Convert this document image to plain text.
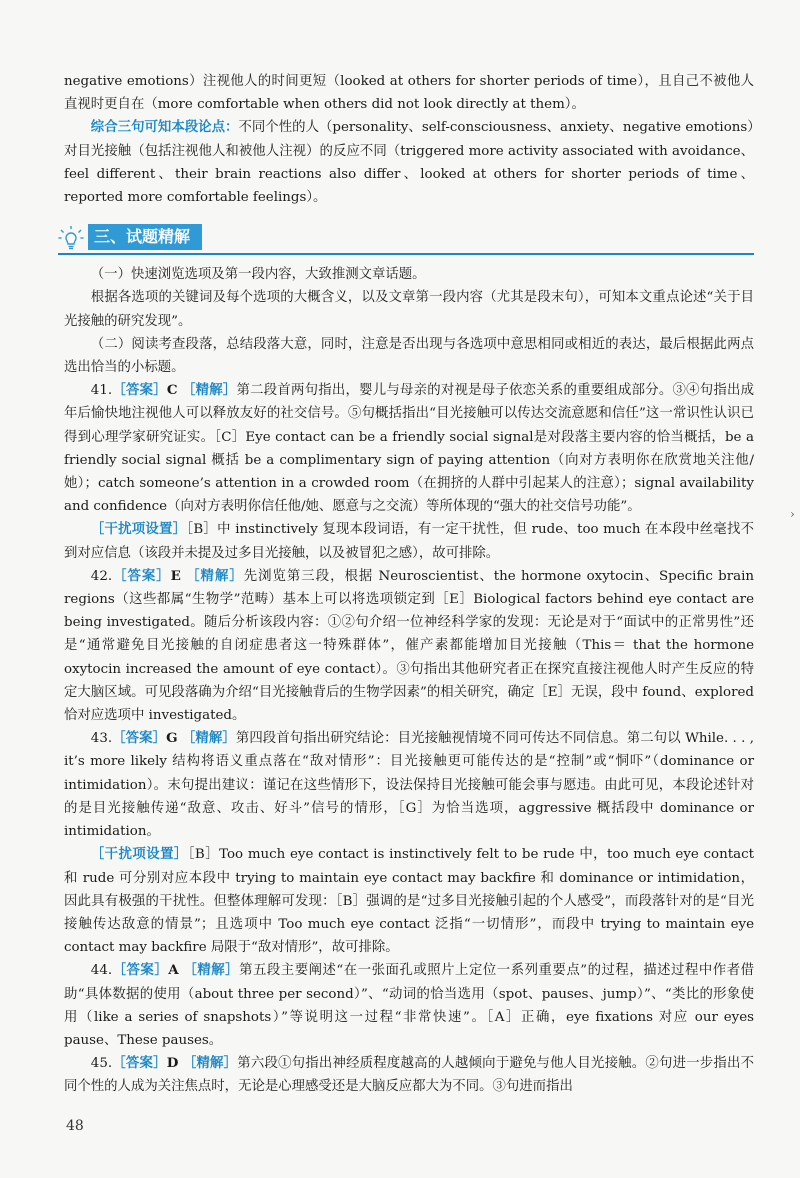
negative emotions）注视他人的时间更短（looked at others for shorter periods of time），且自己不被他人直视时更自在（more comfortable when others did not look directly at them）。

综合三句可知本段论点：不同个性的人（personality、self-consciousness、anxiety、negative emotions）对目光接触（包括注视他人和被他人注视）的反应不同（triggered more activity associated with avoidance、feel different、their brain reactions also differ、looked at others for shorter periods of time、reported more comfortable feelings）。

三、试题精解

（一）快速浏览选项及第一段内容，大致推测文章话题。

根据各选项的关键词及每个选项的大概含义，以及文章第一段内容（尤其是段末句），可知本文重点论述“关于目光接触的研究发现”。

（二）阅读考查段落，总结段落大意，同时，注意是否出现与各选项中意思相同或相近的表达，最后根据此两点选出恰当的小标题。

41.［答案］C ［精解］第二段首两句指出，婴儿与母亲的对视是母子依恋关系的重要组成部分。③④句指出成年后愉快地注视他人可以释放友好的社交信号。⑤句概括指出“目光接触可以传达交流意愿和信任”这一常识性认识已得到心理学家研究证实。［C］Eye contact can be a friendly social signal是对段落主要内容的恰当概括，be a friendly social signal 概括 be a complimentary sign of paying attention（向对方表明你在欣赏地关注他/她）；catch someone’s attention in a crowded room（在拥挤的人群中引起某人的注意）；signal availability and confidence（向对方表明你信任他/她、愿意与之交流）等所体现的“强大的社交信号功能”。

［干扰项设置］［B］中 instinctively 复现本段词语，有一定干扰性，但 rude、too much 在本段中丝毫找不到对应信息（该段并未提及过多目光接触，以及被冒犯之感），故可排除。

42.［答案］E ［精解］先浏览第三段，根据 Neuroscientist、the hormone oxytocin、Specific brain regions（这些都属“生物学”范畴）基本上可以将选项锁定到［E］Biological factors behind eye contact are being investigated。随后分析该段内容：①②句介绍一位神经科学家的发现：无论是对于“面试中的正常男性”还是“通常避免目光接触的自闭症患者这一特殊群体”，催产素都能增加目光接触（This＝ that the hormone oxytocin increased the amount of eye contact）。③句指出其他研究者正在探究直接注视他人时产生反应的特定大脑区域。可见段落确为介绍“目光接触背后的生物学因素”的相关研究，确定［E］无误，段中 found、explored 恰对应选项中 investigated。

43.［答案］G ［精解］第四段首句指出研究结论：目光接触视情境不同可传达不同信息。第二句以 While. . . , it’s more likely 结构将语义重点落在“敌对情形”：目光接触更可能传达的是“控制”或“恫吓”（dominance or intimidation）。末句提出建议：谨记在这些情形下，设法保持目光接触可能会事与愿违。由此可见，本段论述针对的是目光接触传递“敌意、攻击、好斗”信号的情形，［G］为恰当选项，aggressive 概括段中 dominance or intimidation。

［干扰项设置］［B］Too much eye contact is instinctively felt to be rude 中，too much eye contact 和 rude 可分别对应本段中 trying to maintain eye contact may backfire 和 dominance or intimidation，因此具有极强的干扰性。但整体理解可发现：［B］强调的是“过多目光接触引起的个人感受”，而段落针对的是“目光接触传达敌意的情景”；且选项中 Too much eye contact 泛指“一切情形”，而段中 trying to maintain eye contact may backfire 局限于“敌对情形”，故可排除。

44.［答案］A ［精解］第五段主要阐述“在一张面孔或照片上定位一系列重要点”的过程，描述过程中作者借助“具体数据的使用（about three per second）”、“动词的恰当选用（spot、pauses、jump）”、“类比的形象使用（like a series of snapshots）”等说明这一过程“非常快速”。［A］正确，eye fixations 对应 our eyes pause、These pauses。

45.［答案］D ［精解］第六段①句指出神经质程度越高的人越倾向于避免与他人目光接触。②句进一步指出不同个性的人成为关注焦点时，无论是心理感受还是大脑反应都大为不同。③句进而指出

48
›
